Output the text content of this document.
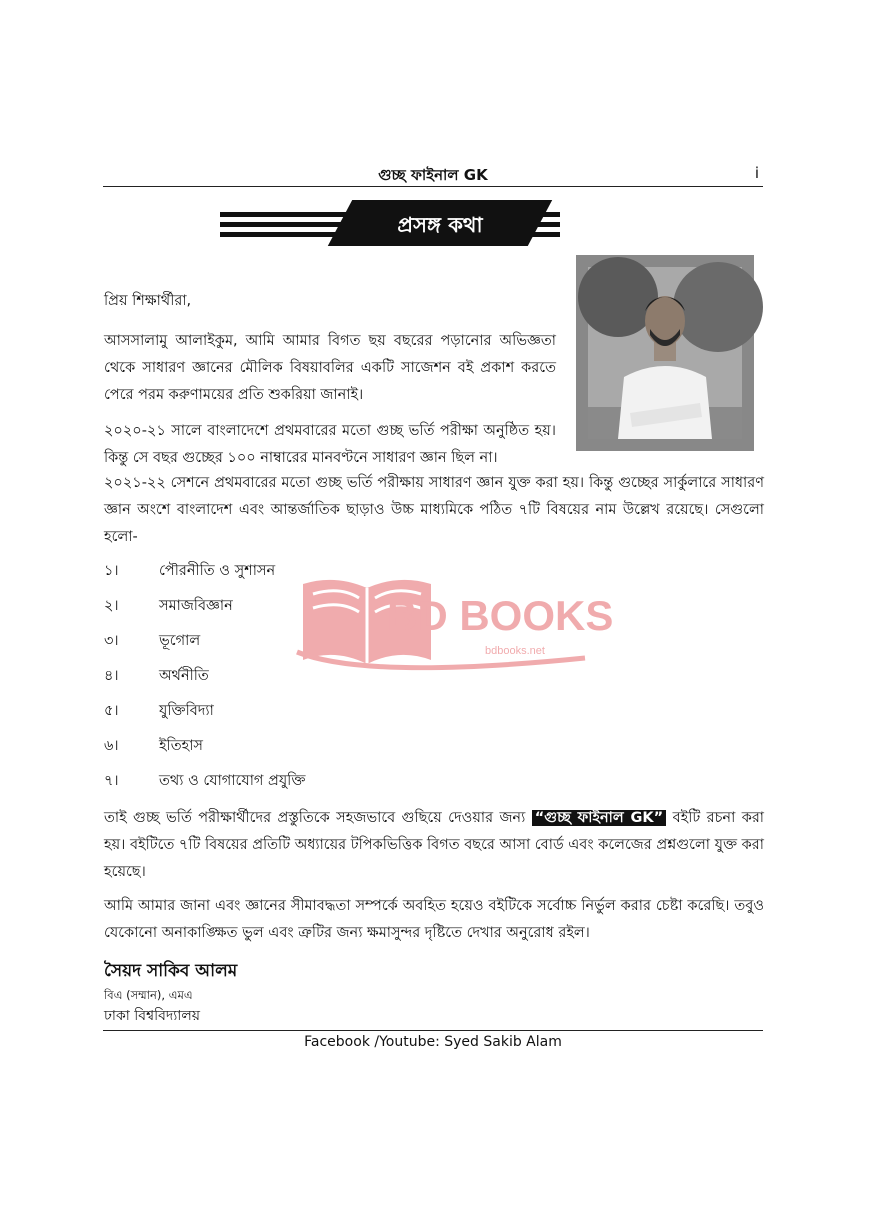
গুচ্ছ ফাইনাল GK	i
প্রসঙ্গ কথা
প্রিয় শিক্ষার্থীরা,
আসসালামু আলাইকুম, আমি আমার বিগত ছয় বছরের পড়ানোর অভিজ্ঞতা থেকে সাধারণ জ্ঞানের মৌলিক বিষয়াবলির একটি সাজেশন বই প্রকাশ করতে পেরে পরম করুণাময়ের প্রতি শুকরিয়া জানাই।
২০২০-২১ সালে বাংলাদেশে প্রথমবারের মতো গুচ্ছ ভর্তি পরীক্ষা অনুষ্ঠিত হয়। কিন্তু সে বছর গুচ্ছের ১০০ নাম্বারের মানবণ্টনে সাধারণ জ্ঞান ছিল না।
২০২১-২২ সেশনে প্রথমবারের মতো গুচ্ছ ভর্তি পরীক্ষায় সাধারণ জ্ঞান যুক্ত করা হয়। কিন্তু গুচ্ছের সার্কুলারে সাধারণ জ্ঞান অংশে বাংলাদেশ এবং আন্তর্জাতিক ছাড়াও উচ্চ মাধ্যমিকে পঠিত ৭টি বিষয়ের নাম উল্লেখ রয়েছে। সেগুলো হলো-
১।	পৌরনীতি ও সুশাসন
২।	সমাজবিজ্ঞান
৩।	ভূগোল
৪।	অর্থনীতি
৫।	যুক্তিবিদ্যা
৬।	ইতিহাস
৭।	তথ্য ও যোগাযোগ প্রযুক্তি
BD BOOKS
bdbooks.net
তাই গুচ্ছ ভর্তি পরীক্ষার্থীদের প্রস্তুতিকে সহজভাবে গুছিয়ে দেওয়ার জন্য “গুচ্ছ ফাইনাল GK” বইটি রচনা করা হয়। বইটিতে ৭টি বিষয়ের প্রতিটি অধ্যায়ের টপিকভিত্তিক বিগত বছরে আসা বোর্ড এবং কলেজের প্রশ্নগুলো যুক্ত করা হয়েছে।
আমি আমার জানা এবং জ্ঞানের সীমাবদ্ধতা সম্পর্কে অবহিত হয়েও বইটিকে সর্বোচ্চ নির্ভুল করার চেষ্টা করেছি। তবুও যেকোনো অনাকাঙ্ক্ষিত ভুল এবং ত্রুটির জন্য ক্ষমাসুন্দর দৃষ্টিতে দেখার অনুরোধ রইল।
সৈয়দ সাকিব আলম
বিএ (সম্মান), এমএ
ঢাকা বিশ্ববিদ্যালয়
Facebook /Youtube: Syed Sakib Alam
